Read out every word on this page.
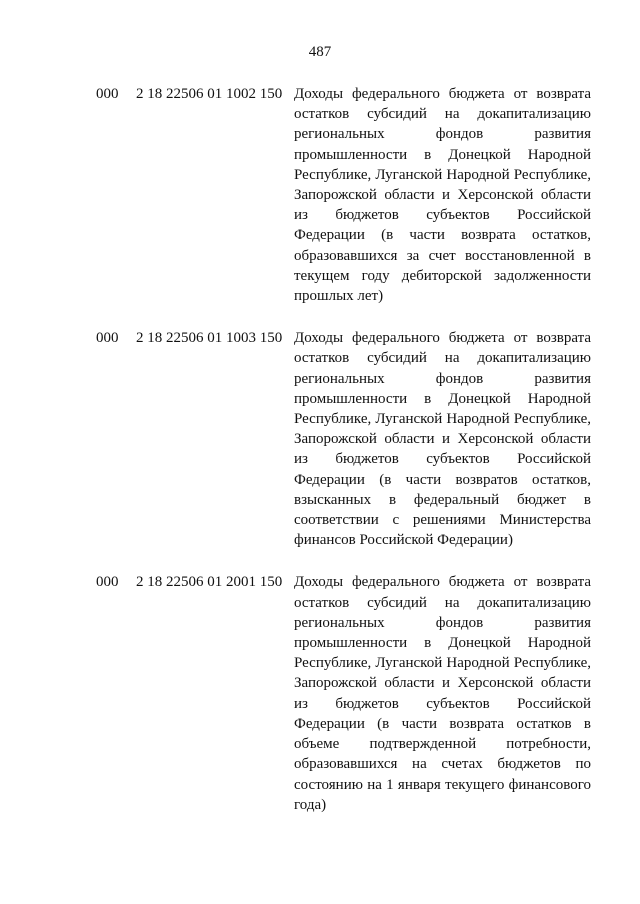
487
000 2 18 22506 01 1002 150 Доходы федерального бюджета от возврата
остатков субсидий на докапитализацию
региональных фондов развития
промышленности в Донецкой Народной
Республике, Луганской Народной Республике,
Запорожской области и Херсонской области
из бюджетов субъектов Российской
Федерации (в части возврата остатков,
образовавшихся за счет восстановленной в
текущем году дебиторской задолженности
прошлых лет)
000 2 18 22506 01 1003 150 Доходы федерального бюджета от возврата
остатков субсидий на докапитализацию
региональных фондов развития
промышленности в Донецкой Народной
Республике, Луганской Народной Республике,
Запорожской области и Херсонской области
из бюджетов субъектов Российской
Федерации (в части возвратов остатков,
взысканных в федеральный бюджет в
соответствии с решениями Министерства
финансов Российской Федерации)
000 2 18 22506 01 2001 150 Доходы федерального бюджета от возврата
остатков субсидий на докапитализацию
региональных фондов развития
промышленности в Донецкой Народной
Республике, Луганской Народной Республике,
Запорожской области и Херсонской области
из бюджетов субъектов Российской
Федерации (в части возврата остатков в
объеме подтвержденной потребности,
образовавшихся на счетах бюджетов по
состоянию на 1 января текущего финансового
года)
